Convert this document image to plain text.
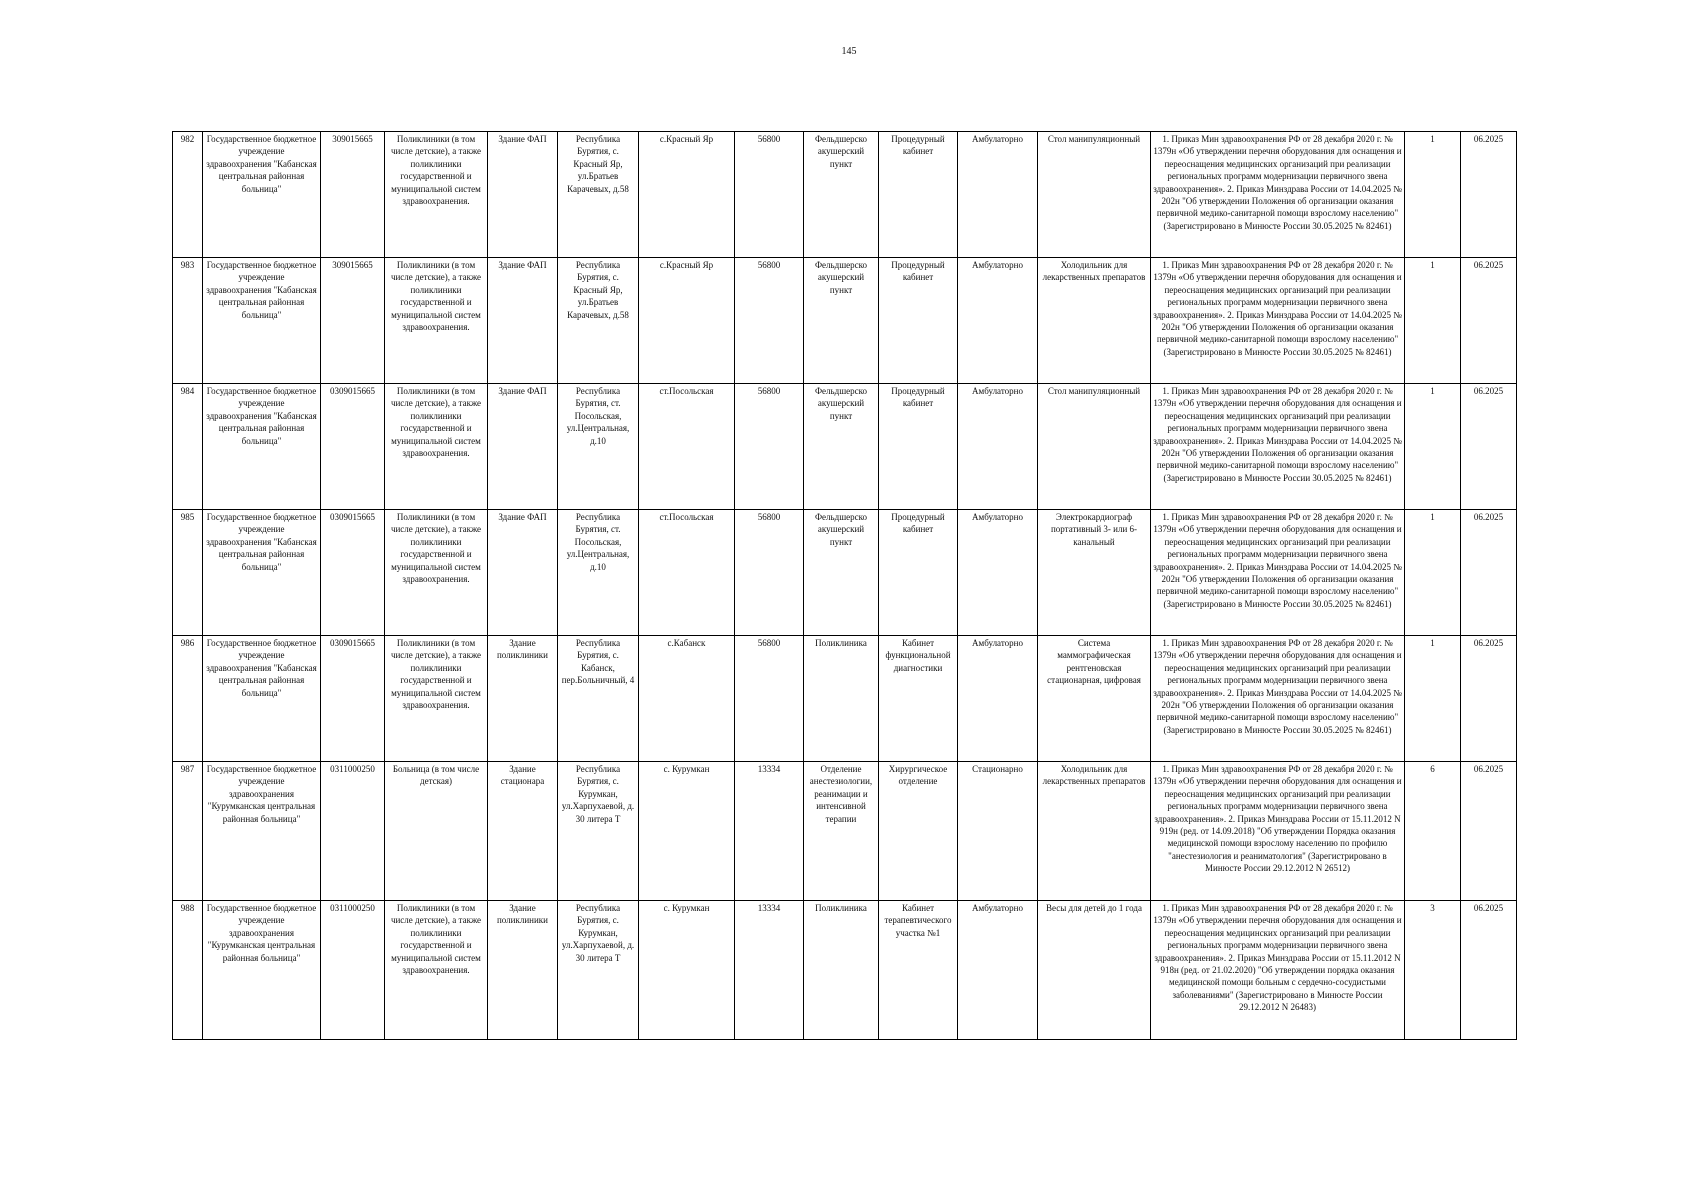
145
982	Государственное бюджетное учреждение здравоохранения "Кабанская центральная районная больница"	309015665	Поликлиники (в том числе детские), а также поликлиники государственной и муниципальной систем здравоохранения.	Здание ФАП	Республика Бурятия, с. Красный Яр, ул.Братьев Карачевых, д.58	с.Красный Яр	56800	Фельдшерско акушерский пункт	Процедурный кабинет	Амбулаторно	Стол манипуляционный	1. Приказ Мин здравоохранения РФ от 28 декабря 2020 г. № 1379н «Об утверждении перечня оборудования для оснащения и переоснащения медицинских организаций при реализации региональных программ модернизации первичного звена здравоохранения». 2. Приказ Минздрава России от 14.04.2025 № 202н "Об утверждении Положения об организации оказания первичной медико-санитарной помощи взрослому населению" (Зарегистрировано в Минюсте России 30.05.2025 № 82461)	1	06.2025
983	Государственное бюджетное учреждение здравоохранения "Кабанская центральная районная больница"	309015665	Поликлиники (в том числе детские), а также поликлиники государственной и муниципальной систем здравоохранения.	Здание ФАП	Республика Бурятия, с. Красный Яр, ул.Братьев Карачевых, д.58	с.Красный Яр	56800	Фельдшерско акушерский пункт	Процедурный кабинет	Амбулаторно	Холодильник для лекарственных препаратов	1. Приказ Мин здравоохранения РФ от 28 декабря 2020 г. № 1379н «Об утверждении перечня оборудования для оснащения и переоснащения медицинских организаций при реализации региональных программ модернизации первичного звена здравоохранения». 2. Приказ Минздрава России от 14.04.2025 № 202н "Об утверждении Положения об организации оказания первичной медико-санитарной помощи взрослому населению" (Зарегистрировано в Минюсте России 30.05.2025 № 82461)	1	06.2025
984	Государственное бюджетное учреждение здравоохранения "Кабанская центральная районная больница"	0309015665	Поликлиники (в том числе детские), а также поликлиники государственной и муниципальной систем здравоохранения.	Здание ФАП	Республика Бурятия, ст. Посольская, ул.Центральная, д.10	ст.Посольская	56800	Фельдшерско акушерский пункт	Процедурный кабинет	Амбулаторно	Стол манипуляционный	1. Приказ Мин здравоохранения РФ от 28 декабря 2020 г. № 1379н «Об утверждении перечня оборудования для оснащения и переоснащения медицинских организаций при реализации региональных программ модернизации первичного звена здравоохранения». 2. Приказ Минздрава России от 14.04.2025 № 202н "Об утверждении Положения об организации оказания первичной медико-санитарной помощи взрослому населению" (Зарегистрировано в Минюсте России 30.05.2025 № 82461)	1	06.2025
985	Государственное бюджетное учреждение здравоохранения "Кабанская центральная районная больница"	0309015665	Поликлиники (в том числе детские), а также поликлиники государственной и муниципальной систем здравоохранения.	Здание ФАП	Республика Бурятия, ст. Посольская, ул.Центральная, д.10	ст.Посольская	56800	Фельдшерско акушерский пункт	Процедурный кабинет	Амбулаторно	Электрокардиограф портативный 3- или 6-канальный	1. Приказ Мин здравоохранения РФ от 28 декабря 2020 г. № 1379н «Об утверждении перечня оборудования для оснащения и переоснащения медицинских организаций при реализации региональных программ модернизации первичного звена здравоохранения». 2. Приказ Минздрава России от 14.04.2025 № 202н "Об утверждении Положения об организации оказания первичной медико-санитарной помощи взрослому населению" (Зарегистрировано в Минюсте России 30.05.2025 № 82461)	1	06.2025
986	Государственное бюджетное учреждение здравоохранения "Кабанская центральная районная больница"	0309015665	Поликлиники (в том числе детские), а также поликлиники государственной и муниципальной систем здравоохранения.	Здание поликлиники	Республика Бурятия, с. Кабанск, пер.Больничный, 4	с.Кабанск	56800	Поликлиника	Кабинет функциональной диагностики	Амбулаторно	Система маммографическая рентгеновская стационарная, цифровая	1. Приказ Мин здравоохранения РФ от 28 декабря 2020 г. № 1379н «Об утверждении перечня оборудования для оснащения и переоснащения медицинских организаций при реализации региональных программ модернизации первичного звена здравоохранения». 2. Приказ Минздрава России от 14.04.2025 № 202н "Об утверждении Положения об организации оказания первичной медико-санитарной помощи взрослому населению" (Зарегистрировано в Минюсте России 30.05.2025 № 82461)	1	06.2025
987	Государственное бюджетное учреждение здравоохранения "Курумканская центральная районная больница"	0311000250	Больница (в том числе детская)	Здание стационара	Республика Бурятия, с. Курумкан, ул.Харпухаевой, д. 30 литера Т	с. Курумкан	13334	Отделение анестезиологии, реанимации и интенсивной терапии	Хирургическое отделение	Стационарно	Холодильник для лекарственных препаратов	1. Приказ Мин здравоохранения РФ от 28 декабря 2020 г. № 1379н «Об утверждении перечня оборудования для оснащения и переоснащения медицинских организаций при реализации региональных программ модернизации первичного звена здравоохранения». 2. Приказ Минздрава России от 15.11.2012 N 919н (ред. от 14.09.2018) "Об утверждении Порядка оказания медицинской помощи взрослому населению по профилю "анестезиология и реаниматология" (Зарегистрировано в Минюсте России 29.12.2012 N 26512)	6	06.2025
988	Государственное бюджетное учреждение здравоохранения "Курумканская центральная районная больница"	0311000250	Поликлиники (в том числе детские), а также поликлиники государственной и муниципальной систем здравоохранения.	Здание поликлиники	Республика Бурятия, с. Курумкан, ул.Харпухаевой, д. 30 литера Т	с. Курумкан	13334	Поликлиника	Кабинет терапевтического участка №1	Амбулаторно	Весы для детей до 1 года	1. Приказ Мин здравоохранения РФ от 28 декабря 2020 г. № 1379н «Об утверждении перечня оборудования для оснащения и переоснащения медицинских организаций при реализации региональных программ модернизации первичного звена здравоохранения». 2. Приказ Минздрава России от 15.11.2012 N 918н (ред. от 21.02.2020) "Об утверждении порядка оказания медицинской помощи больным с сердечно-сосудистыми заболеваниями" (Зарегистрировано в Минюсте России 29.12.2012 N 26483)	3	06.2025
